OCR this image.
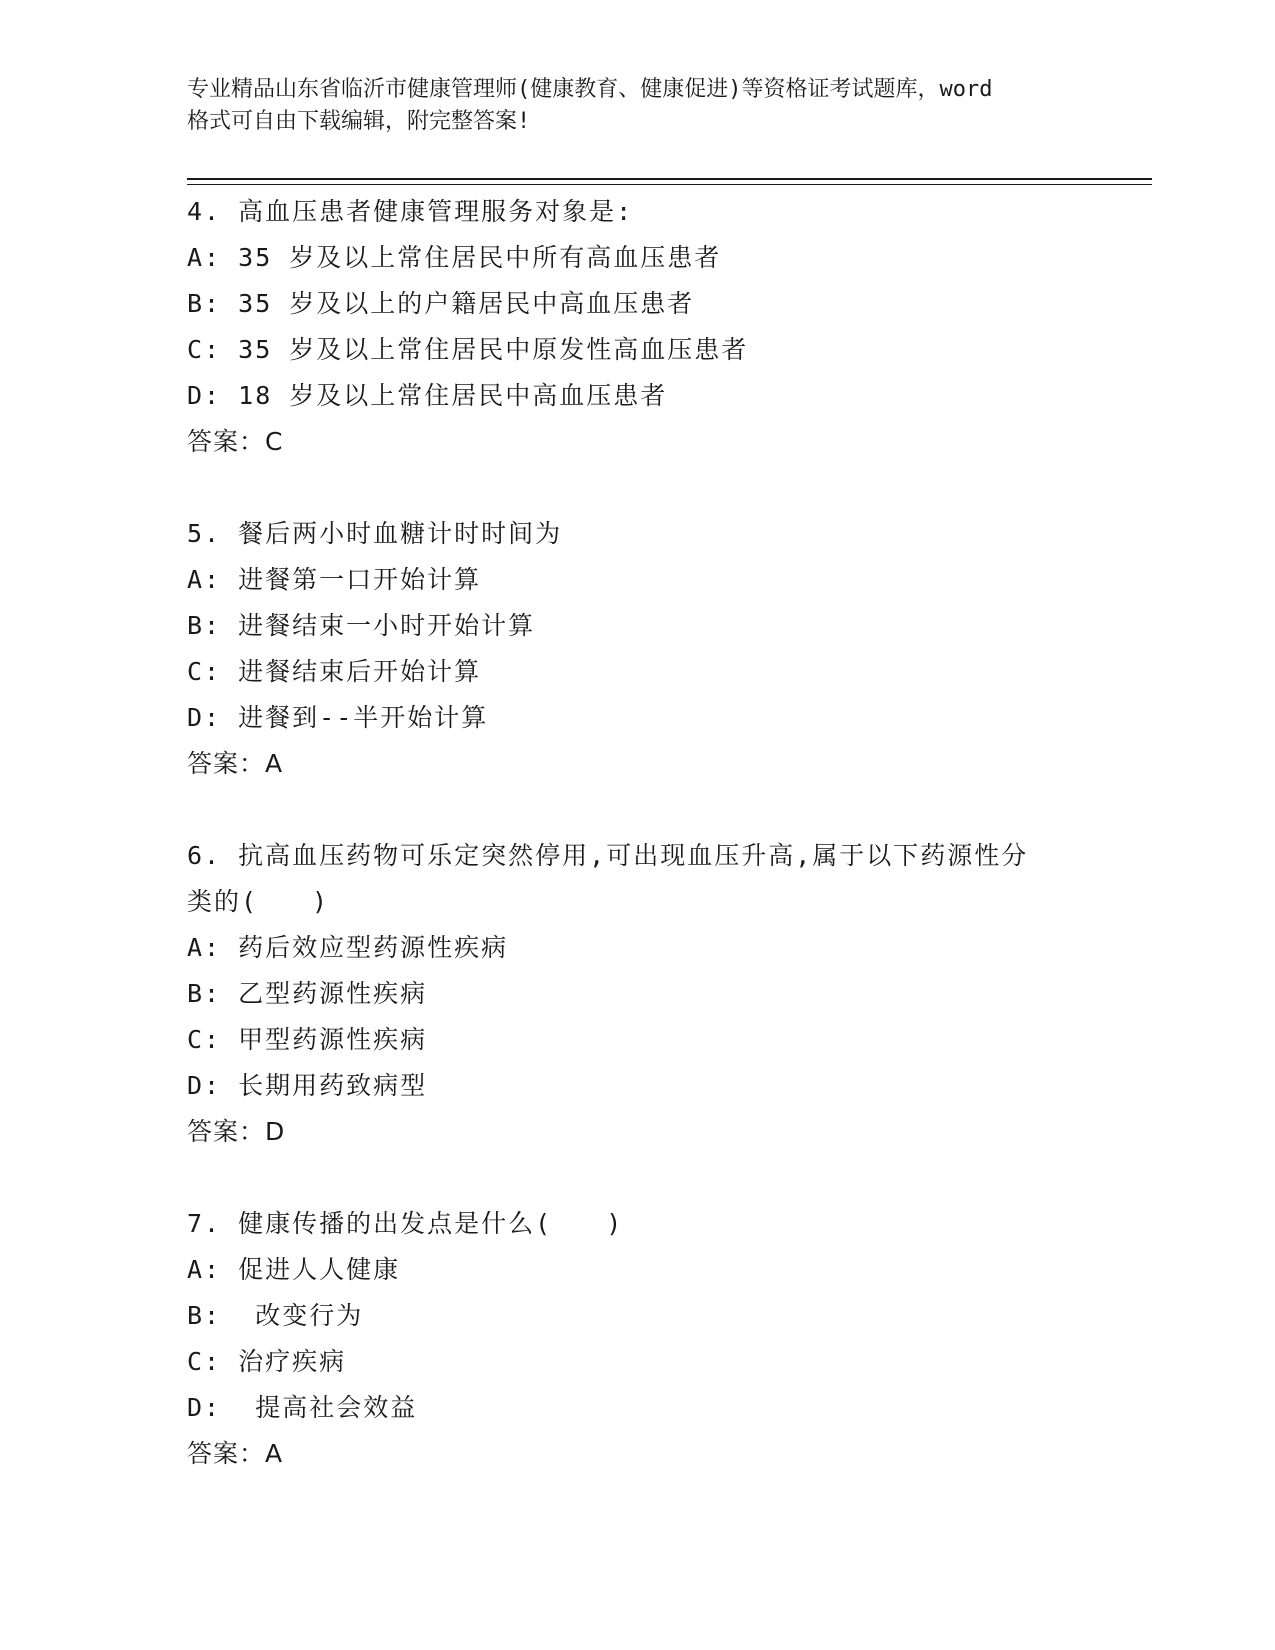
专业精品山东省临沂市健康管理师(健康教育、健康促进)等资格证考试题库，word
格式可自由下载编辑，附完整答案!
4. 高血压患者健康管理服务对象是:
A: 35 岁及以上常住居民中所有高血压患者
B: 35 岁及以上的户籍居民中高血压患者
C: 35 岁及以上常住居民中原发性高血压患者
D: 18 岁及以上常住居民中高血压患者
答案：C
5. 餐后两小时血糖计时时间为
A: 进餐第一口开始计算
B: 进餐结束一小时开始计算
C: 进餐结束后开始计算
D: 进餐到--半开始计算
答案：A
6. 抗高血压药物可乐定突然停用,可出现血压升高,属于以下药源性分
类的(　　)
A: 药后效应型药源性疾病
B: 乙型药源性疾病
C: 甲型药源性疾病
D: 长期用药致病型
答案：D
7. 健康传播的出发点是什么(　　)
A: 促进人人健康
B:  改变行为
C: 治疗疾病
D:  提高社会效益
答案：A
